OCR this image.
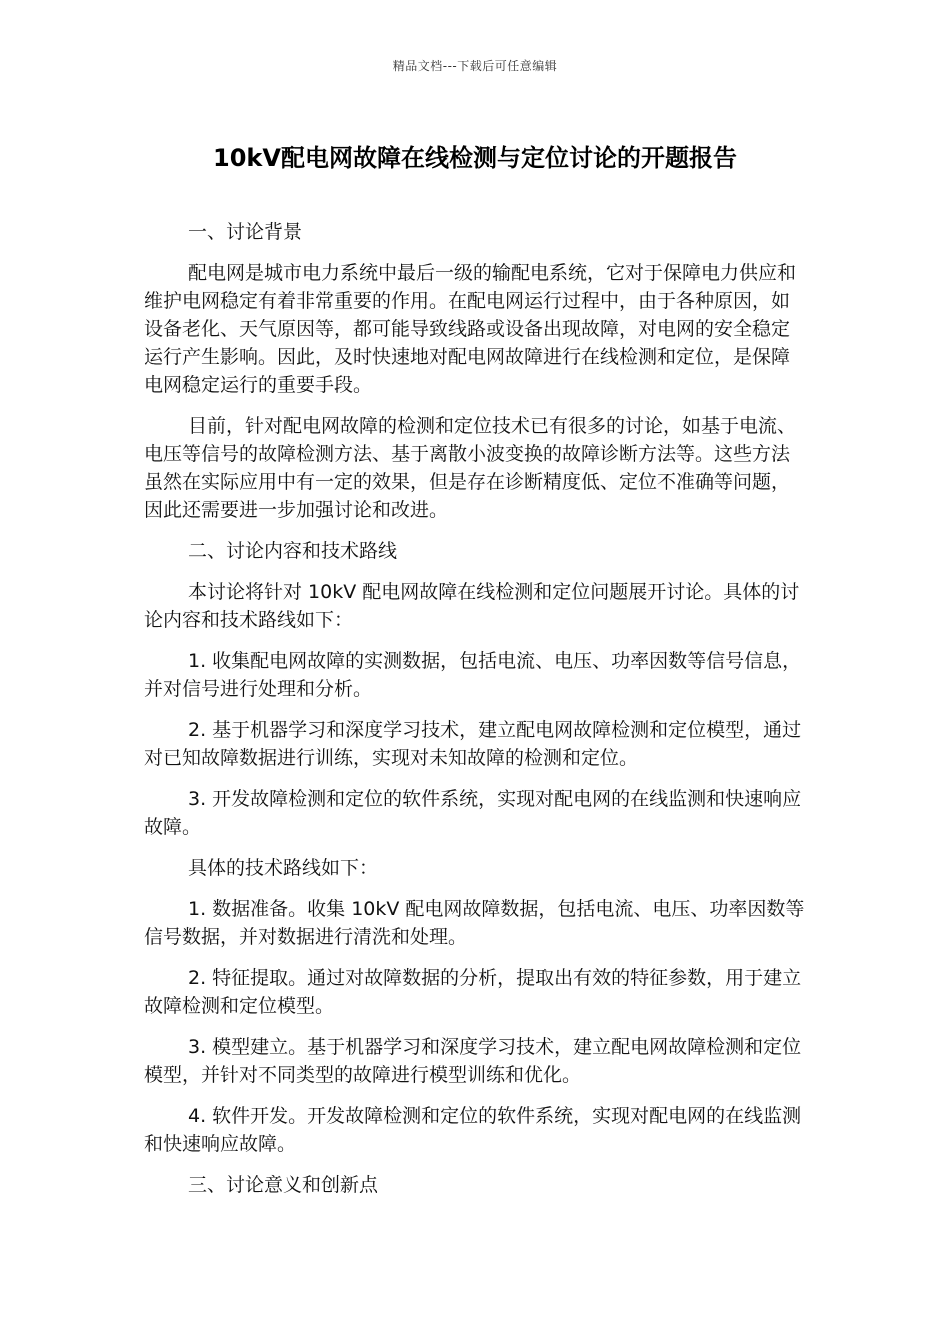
精品文档---下载后可任意编辑
10kV配电网故障在线检测与定位讨论的开题报告

一、讨论背景

配电网是城市电力系统中最后一级的输配电系统，它对于保障电力供应和维护电网稳定有着非常重要的作用。在配电网运行过程中，由于各种原因，如设备老化、天气原因等，都可能导致线路或设备出现故障，对电网的安全稳定运行产生影响。因此，及时快速地对配电网故障进行在线检测和定位，是保障电网稳定运行的重要手段。

目前，针对配电网故障的检测和定位技术已有很多的讨论，如基于电流、电压等信号的故障检测方法、基于离散小波变换的故障诊断方法等。这些方法虽然在实际应用中有一定的效果，但是存在诊断精度低、定位不准确等问题，因此还需要进一步加强讨论和改进。

二、讨论内容和技术路线

本讨论将针对 10kV 配电网故障在线检测和定位问题展开讨论。具体的讨论内容和技术路线如下：

1. 收集配电网故障的实测数据，包括电流、电压、功率因数等信号信息，并对信号进行处理和分析。

2. 基于机器学习和深度学习技术，建立配电网故障检测和定位模型，通过对已知故障数据进行训练，实现对未知故障的检测和定位。

3. 开发故障检测和定位的软件系统，实现对配电网的在线监测和快速响应故障。

具体的技术路线如下：

1. 数据准备。收集 10kV 配电网故障数据，包括电流、电压、功率因数等信号数据，并对数据进行清洗和处理。

2. 特征提取。通过对故障数据的分析，提取出有效的特征参数，用于建立故障检测和定位模型。

3. 模型建立。基于机器学习和深度学习技术，建立配电网故障检测和定位模型，并针对不同类型的故障进行模型训练和优化。

4. 软件开发。开发故障检测和定位的软件系统，实现对配电网的在线监测和快速响应故障。

三、讨论意义和创新点
